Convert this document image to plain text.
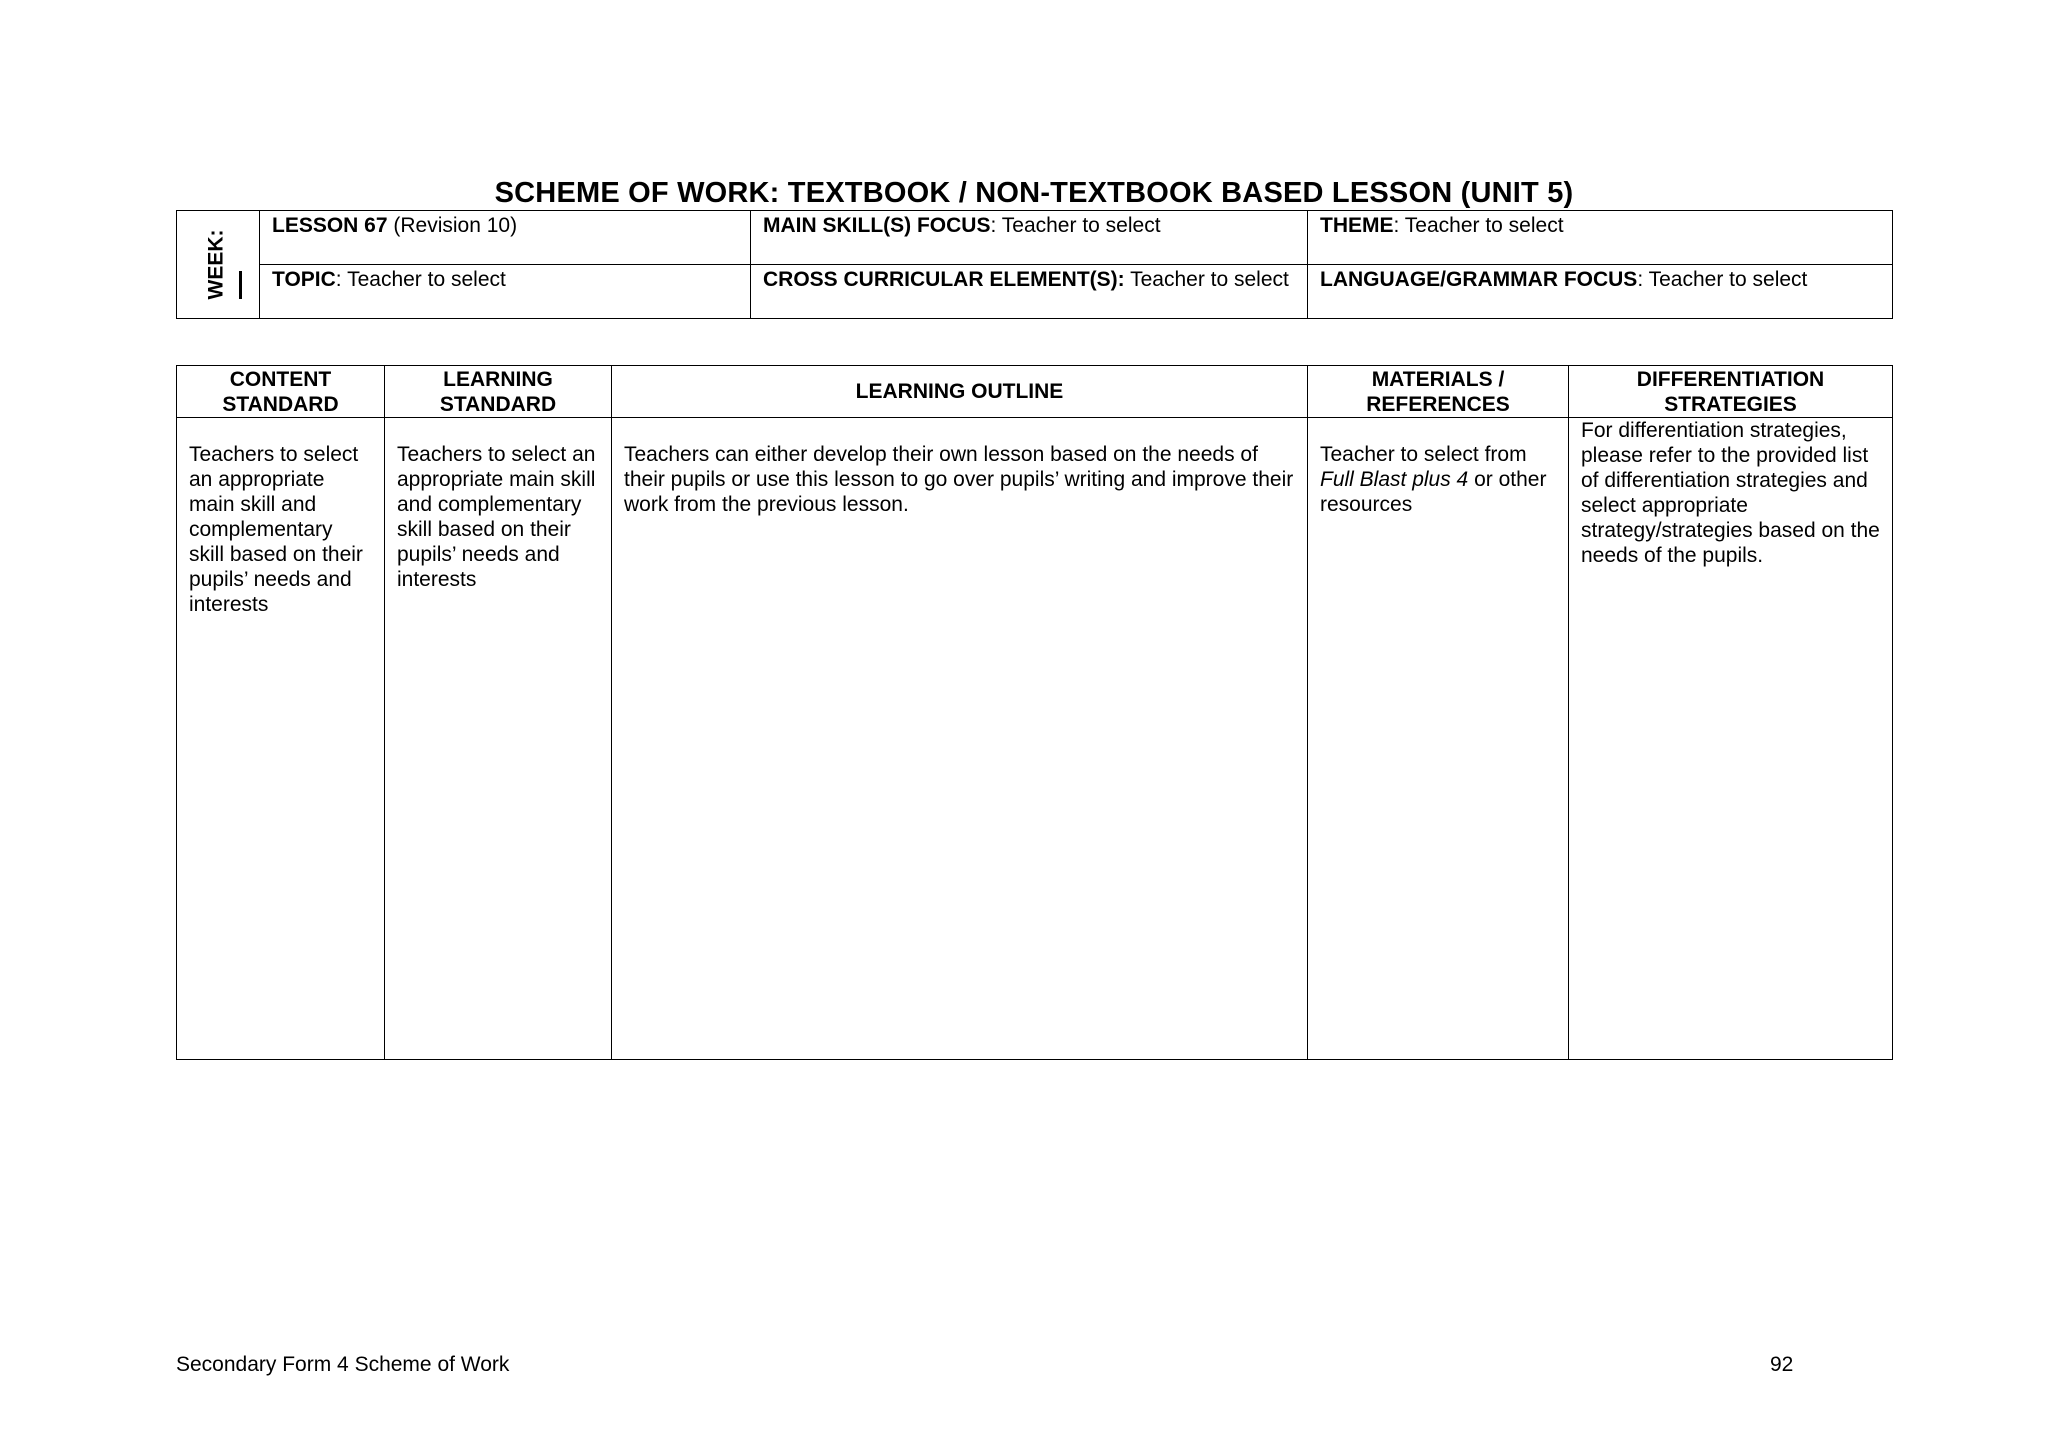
SCHEME OF WORK: TEXTBOOK / NON-TEXTBOOK BASED LESSON (UNIT 5)
WEEK:	LESSON 67 (Revision 10)	MAIN SKILL(S) FOCUS: Teacher to select	THEME: Teacher to select
	TOPIC: Teacher to select	CROSS CURRICULAR ELEMENT(S): Teacher to select	LANGUAGE/GRAMMAR FOCUS: Teacher to select
CONTENT STANDARD	LEARNING STANDARD	LEARNING OUTLINE	MATERIALS / REFERENCES	DIFFERENTIATION STRATEGIES
Teachers to select an appropriate main skill and complementary skill based on their pupils’ needs and interests	Teachers to select an appropriate main skill and complementary skill based on their pupils’ needs and interests	Teachers can either develop their own lesson based on the needs of their pupils or use this lesson to go over pupils’ writing and improve their work from the previous lesson.	Teacher to select from Full Blast plus 4 or other resources	For differentiation strategies, please refer to the provided list of differentiation strategies and select appropriate strategy/strategies based on the needs of the pupils.
Secondary Form 4 Scheme of Work	92
